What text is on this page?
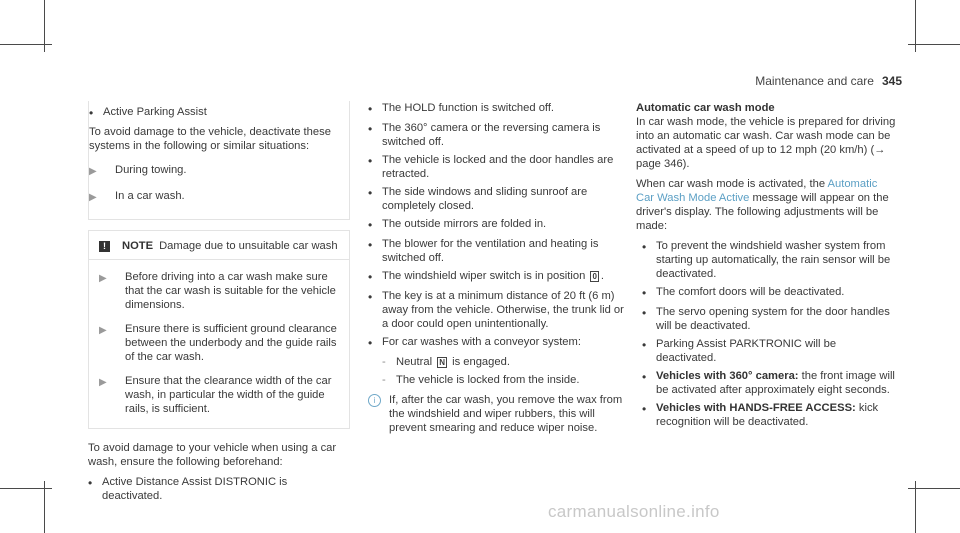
Maintenance and care 345
•
Active Parking Assist

To avoid damage to the vehicle, deactivate these systems in the following or similar situations:

▶	During towing.
▶	In a car wash.
!	NOTE Damage due to unsuitable car wash
▶	Before driving into a car wash make sure that the car wash is suitable for the vehicle dimensions.
▶	Ensure there is sufficient ground clearance between the underbody and the guide rails of the car wash.
▶	Ensure that the clearance width of the car wash, in particular the width of the guide rails, is sufficient.

To avoid damage to your vehicle when using a car wash, ensure the following beforehand:

•
Active Distance Assist DISTRONIC is deactivated.
•
The HOLD function is switched off.
•
The 360° camera or the reversing camera is switched off.
•
The vehicle is locked and the door handles are retracted.
•
The side windows and sliding sunroof are completely closed.
•
The outside mirrors are folded in.
•
The blower for the ventilation and heating is switched off.
•
The windshield wiper switch is in position 0 .
•
The key is at a minimum distance of 20 ft (6 m) away from the vehicle. Otherwise, the trunk lid or a door could open unintentionally.
•
For car washes with a conveyor system:
- Neutral N is engaged.
- The vehicle is locked from the inside.
i	If, after the car wash, you remove the wax from the windshield and wiper rubbers, this will prevent smearing and reduce wiper noise.
Automatic car wash mode

In car wash mode, the vehicle is prepared for driving into an automatic car wash. Car wash mode can be activated at a speed of up to 12 mph (20 km/h) (→ page 346).

When car wash mode is activated, the Automatic Car Wash Mode Active message will appear on the driver's display. The following adjustments will be made:

•
To prevent the windshield washer system from starting up automatically, the rain sensor will be deactivated.
•
The comfort doors will be deactivated.
•
The servo opening system for the door handles will be deactivated.
•
Parking Assist PARKTRONIC will be deactivated.
•
Vehicles with 360° camera: the front image will be activated after approximately eight seconds.
•
Vehicles with HANDS-FREE ACCESS: kick recognition will be deactivated.
carmanualsonline.info
